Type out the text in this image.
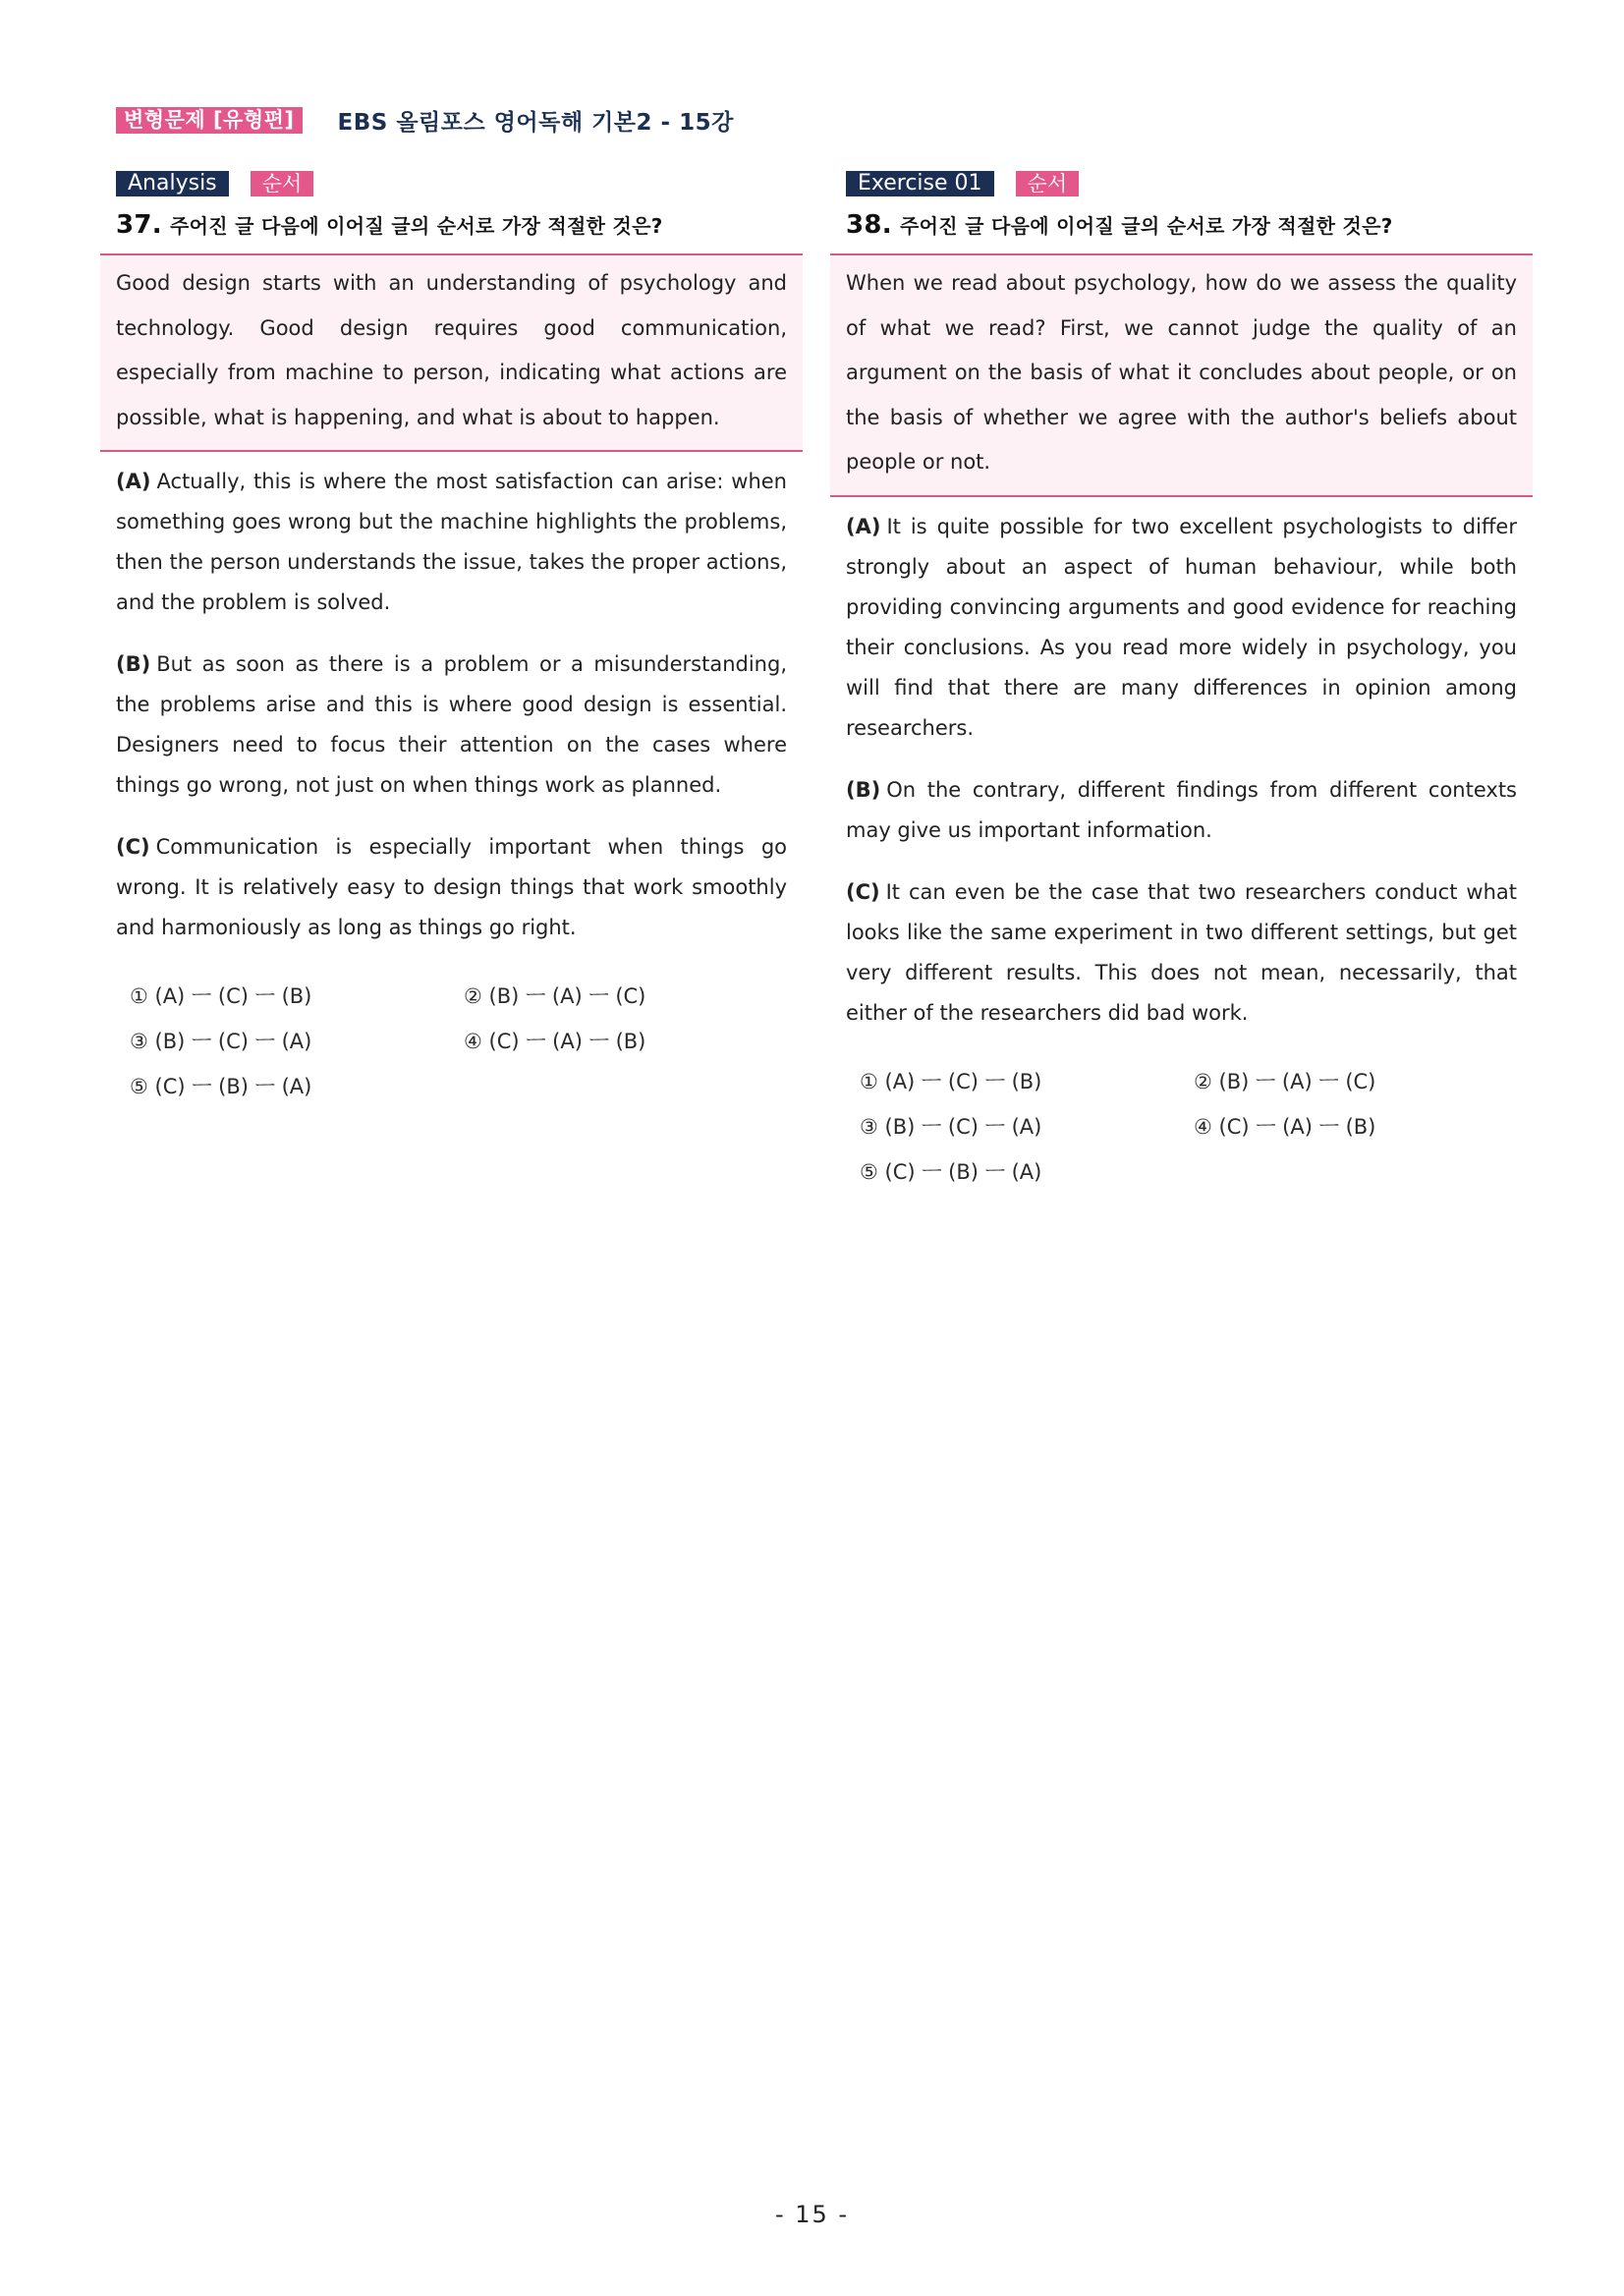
변형문제 [유형편]	EBS 올림포스 영어독해 기본2 - 15강
Analysis	순서
37. 주어진 글 다음에 이어질 글의 순서로 가장 적절한 것은?
Good design starts with an understanding of psychology and technology. Good design requires good communication, especially from machine to person, indicating what actions are possible, what is happening, and what is about to happen.

(A) Actually, this is where the most satisfaction can arise: when something goes wrong but the machine highlights the problems, then the person understands the issue, takes the proper actions, and the problem is solved.

(B) But as soon as there is a problem or a misunderstanding, the problems arise and this is where good design is essential. Designers need to focus their attention on the cases where things go wrong, not just on when things work as planned.

(C) Communication is especially important when things go wrong. It is relatively easy to design things that work smoothly and harmoniously as long as things go right.

① (A) ㅡ (C) ㅡ (B)	② (B) ㅡ (A) ㅡ (C)
③ (B) ㅡ (C) ㅡ (A)	④ (C) ㅡ (A) ㅡ (B)
⑤ (C) ㅡ (B) ㅡ (A)
Exercise 01	순서
38. 주어진 글 다음에 이어질 글의 순서로 가장 적절한 것은?
When we read about psychology, how do we assess the quality of what we read? First, we cannot judge the quality of an argument on the basis of what it concludes about people, or on the basis of whether we agree with the author's beliefs about people or not.

(A) It is quite possible for two excellent psychologists to differ strongly about an aspect of human behaviour, while both providing convincing arguments and good evidence for reaching their conclusions. As you read more widely in psychology, you will find that there are many differences in opinion among researchers.

(B) On the contrary, different findings from different contexts may give us important information.

(C) It can even be the case that two researchers conduct what looks like the same experiment in two different settings, but get very different results. This does not mean, necessarily, that either of the researchers did bad work.

① (A) ㅡ (C) ㅡ (B)	② (B) ㅡ (A) ㅡ (C)
③ (B) ㅡ (C) ㅡ (A)	④ (C) ㅡ (A) ㅡ (B)
⑤ (C) ㅡ (B) ㅡ (A)
- 15 -
